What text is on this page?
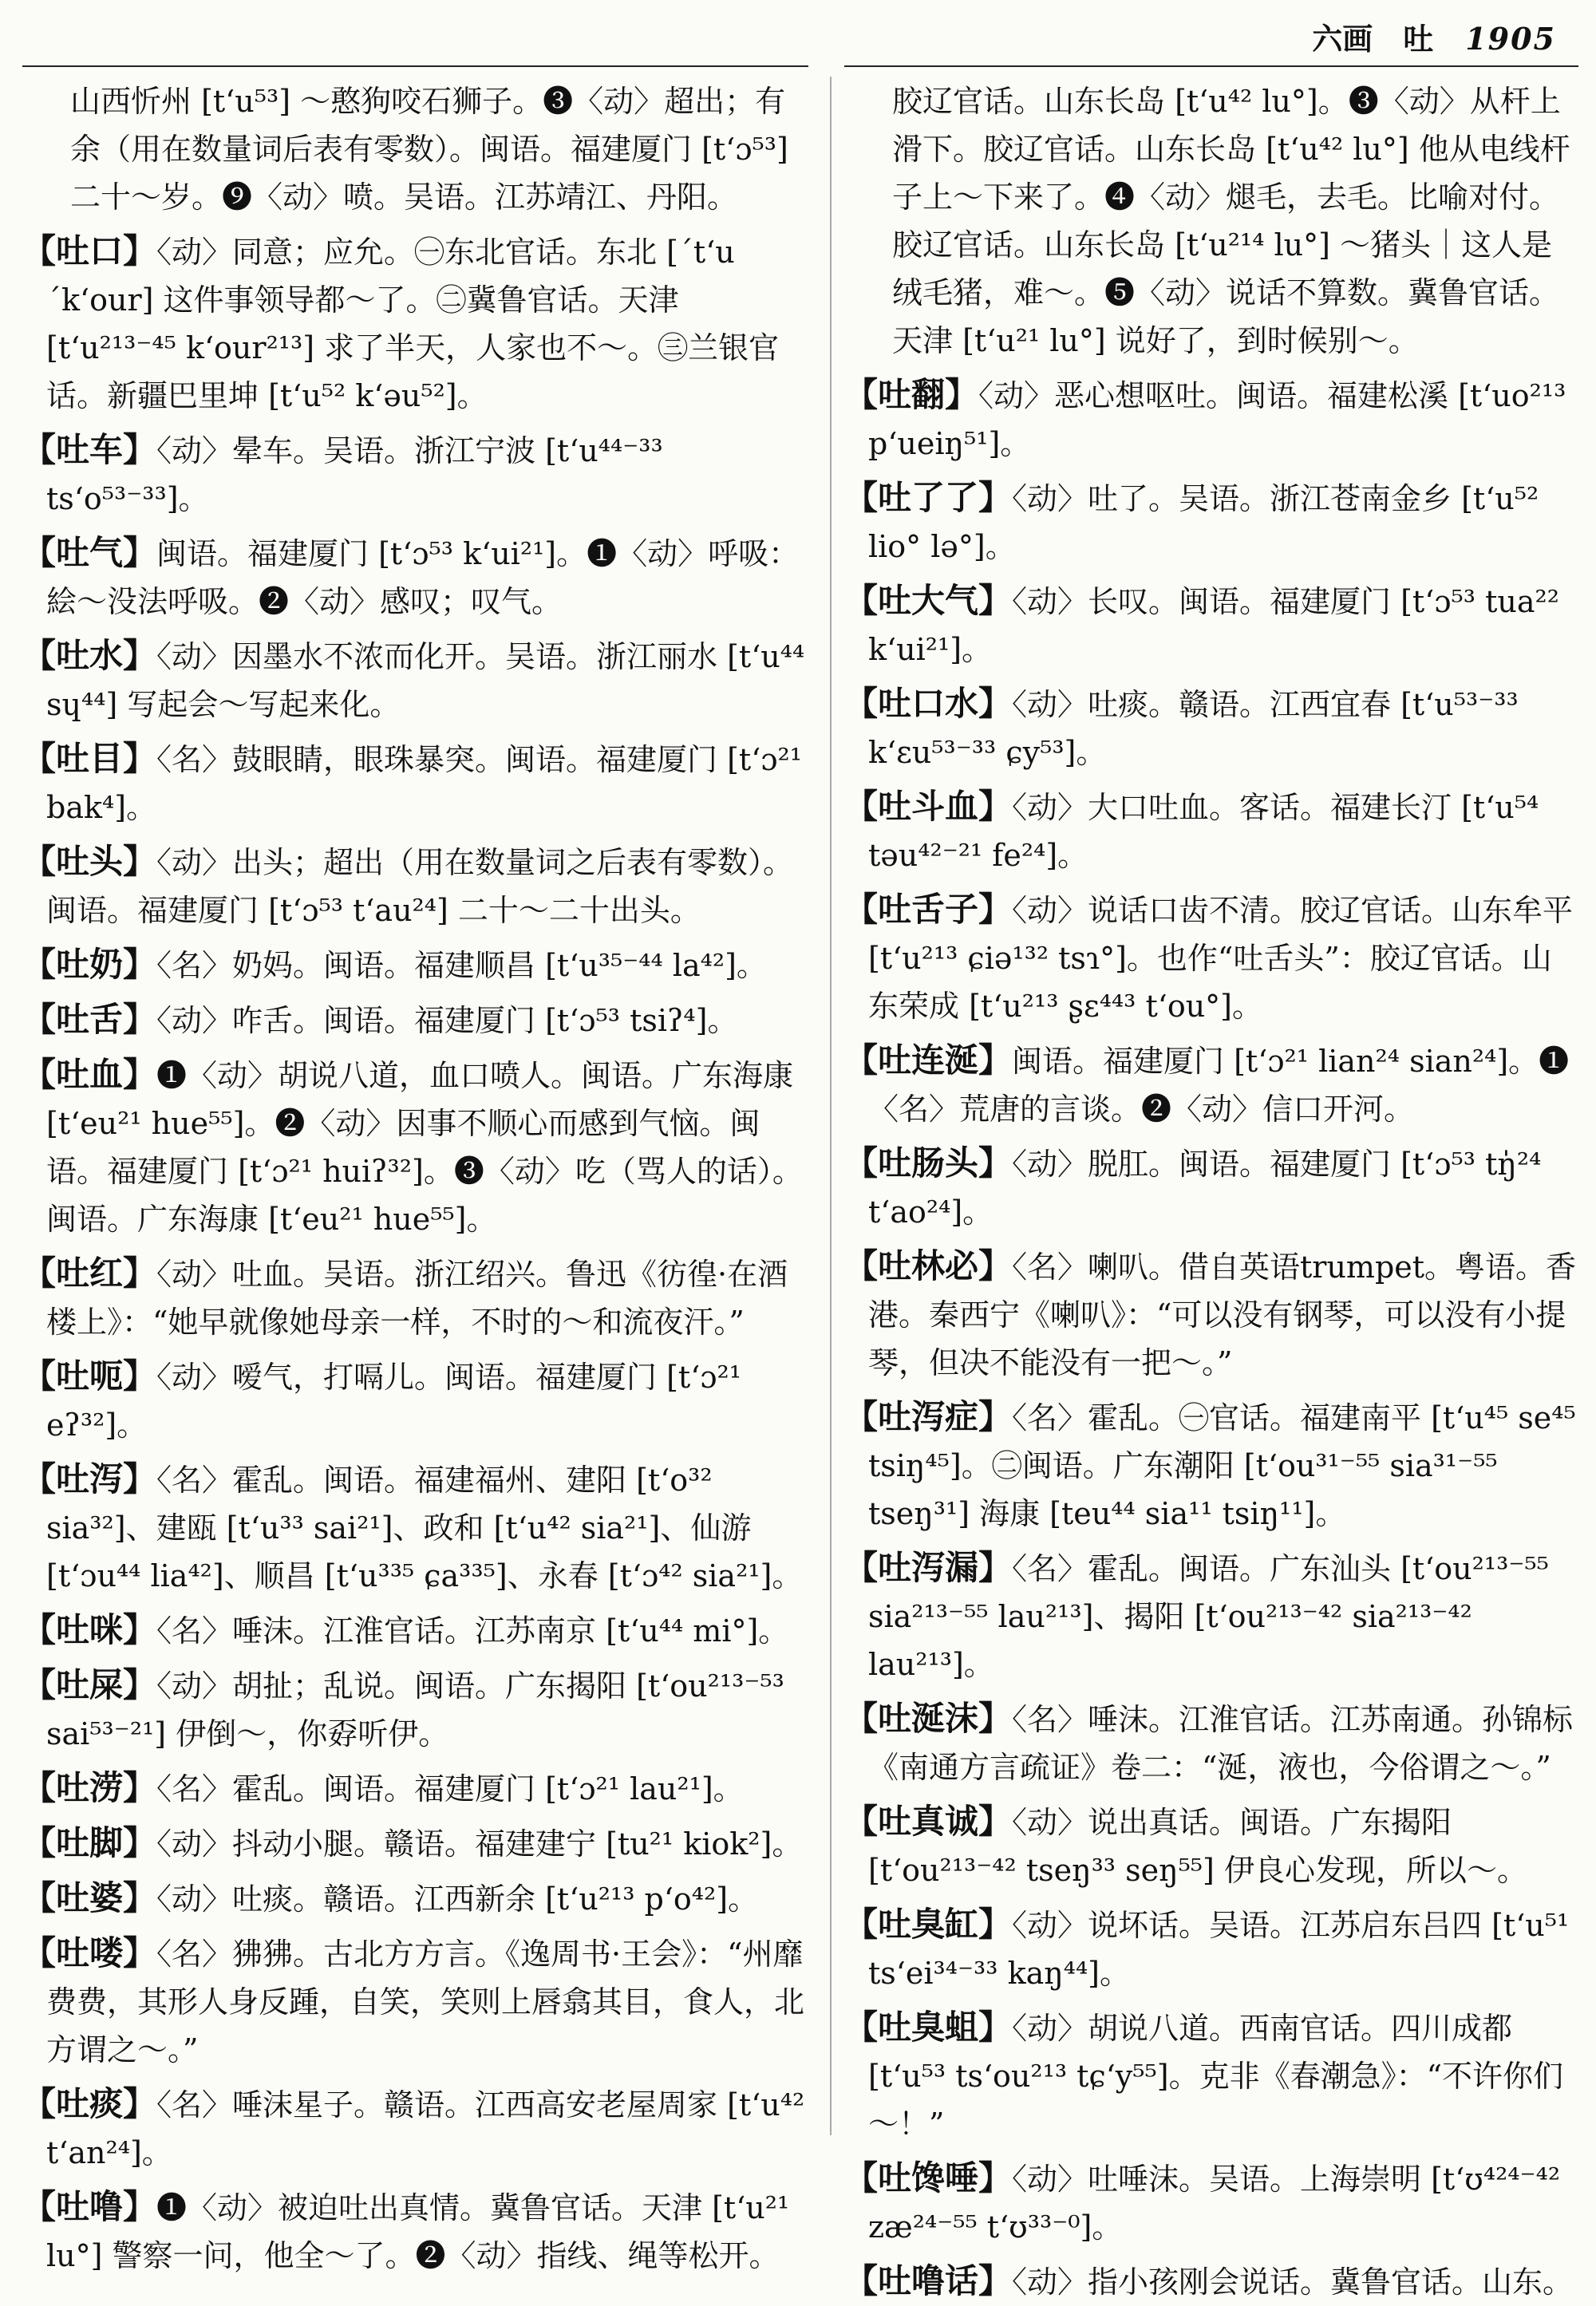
六画　吐 1905
山西忻州 [tʻu⁵³] ～憨狗咬石狮子。❸〈动〉超出；有余（用在数量词后表有零数）。闽语。福建厦门 [tʻɔ⁵³] 二十～岁。❾〈动〉喷。吴语。江苏靖江、丹阳。
【吐口】〈动〉同意；应允。㊀东北官话。东北 [ˊtʻu ˊkʻour] 这件事领导都～了。㊁冀鲁官话。天津 [tʻu²¹³⁻⁴⁵ kʻour²¹³] 求了半天，人家也不～。㊂兰银官话。新疆巴里坤 [tʻu⁵² kʻəu⁵²]。
【吐车】〈动〉晕车。吴语。浙江宁波 [tʻu⁴⁴⁻³³ tsʻo⁵³⁻³³]。
【吐气】闽语。福建厦门 [tʻɔ⁵³ kʻui²¹]。❶〈动〉呼吸：絵～没法呼吸。❷〈动〉感叹；叹气。
【吐水】〈动〉因墨水不浓而化开。吴语。浙江丽水 [tʻu⁴⁴ sɥ⁴⁴] 写起会～写起来化。
【吐目】〈名〉鼓眼睛，眼珠暴突。闽语。福建厦门 [tʻɔ²¹ bak⁴]。
【吐头】〈动〉出头；超出（用在数量词之后表有零数）。闽语。福建厦门 [tʻɔ⁵³ tʻau²⁴] 二十～二十出头。
【吐奶】〈名〉奶妈。闽语。福建顺昌 [tʻu³⁵⁻⁴⁴ la⁴²]。
【吐舌】〈动〉咋舌。闽语。福建厦门 [tʻɔ⁵³ tsiʔ⁴]。
【吐血】❶〈动〉胡说八道，血口喷人。闽语。广东海康 [tʻeu²¹ hue⁵⁵]。❷〈动〉因事不顺心而感到气恼。闽语。福建厦门 [tʻɔ²¹ huiʔ³²]。❸〈动〉吃（骂人的话）。闽语。广东海康 [tʻeu²¹ hue⁵⁵]。
【吐红】〈动〉吐血。吴语。浙江绍兴。鲁迅《彷徨·在酒楼上》：“她早就像她母亲一样，不时的～和流夜汗。”
【吐呃】〈动〉嗳气，打嗝儿。闽语。福建厦门 [tʻɔ²¹ eʔ³²]。
【吐泻】〈名〉霍乱。闽语。福建福州、建阳 [tʻo³² sia³²]、建瓯 [tʻu³³ sai²¹]、政和 [tʻu⁴² sia²¹]、仙游 [tʻɔu⁴⁴ lia⁴²]、顺昌 [tʻu³³⁵ ɕa³³⁵]、永春 [tʻɔ⁴² sia²¹]。
【吐咪】〈名〉唾沫。江淮官话。江苏南京 [tʻu⁴⁴ mi°]。
【吐屎】〈动〉胡扯；乱说。闽语。广东揭阳 [tʻou²¹³⁻⁵³ sai⁵³⁻²¹] 伊倒～，你孬听伊。
【吐涝】〈名〉霍乱。闽语。福建厦门 [tʻɔ²¹ lau²¹]。
【吐脚】〈动〉抖动小腿。赣语。福建建宁 [tu²¹ kiok²]。
【吐婆】〈动〉吐痰。赣语。江西新余 [tʻu²¹³ pʻo⁴²]。
【吐喽】〈名〉狒狒。古北方方言。《逸周书·王会》：“州靡费费，其形人身反踵，自笑，笑则上唇翕其目，食人，北方谓之～。”
【吐痰】〈名〉唾沫星子。赣语。江西高安老屋周家 [tʻu⁴² tʻan²⁴]。
【吐噜】❶〈动〉被迫吐出真情。冀鲁官话。天津 [tʻu²¹ lu°] 警察一问，他全～了。❷〈动〉指线、绳等松开。
胶辽官话。山东长岛 [tʻu⁴² lu°]。❸〈动〉从杆上滑下。胶辽官话。山东长岛 [tʻu⁴² lu°] 他从电线杆子上～下来了。❹〈动〉煺毛，去毛。比喻对付。胶辽官话。山东长岛 [tʻu²¹⁴ lu°] ～猪头｜这人是绒毛猪，难～。❺〈动〉说话不算数。冀鲁官话。天津 [tʻu²¹ lu°] 说好了，到时候别～。
【吐翻】〈动〉恶心想呕吐。闽语。福建松溪 [tʻuo²¹³ pʻueiŋ⁵¹]。
【吐了了】〈动〉吐了。吴语。浙江苍南金乡 [tʻu⁵² lio° lə°]。
【吐大气】〈动〉长叹。闽语。福建厦门 [tʻɔ⁵³ tua²² kʻui²¹]。
【吐口水】〈动〉吐痰。赣语。江西宜春 [tʻu⁵³⁻³³ kʻɛu⁵³⁻³³ ɕy⁵³]。
【吐斗血】〈动〉大口吐血。客话。福建长汀 [tʻu⁵⁴ təu⁴²⁻²¹ fe²⁴]。
【吐舌子】〈动〉说话口齿不清。胶辽官话。山东牟平 [tʻu²¹³ ɕiə¹³² tsɿ°]。也作“吐舌头”：胶辽官话。山东荣成 [tʻu²¹³ ʂɛ⁴⁴³ tʻou°]。
【吐连涎】闽语。福建厦门 [tʻɔ²¹ lian²⁴ sian²⁴]。❶〈名〉荒唐的言谈。❷〈动〉信口开河。
【吐肠头】〈动〉脱肛。闽语。福建厦门 [tʻɔ⁵³ tŋ̍²⁴ tʻao²⁴]。
【吐林必】〈名〉喇叭。借自英语trumpet。粤语。香港。秦西宁《喇叭》：“可以没有钢琴，可以没有小提琴，但决不能没有一把～。”
【吐泻症】〈名〉霍乱。㊀官话。福建南平 [tʻu⁴⁵ se⁴⁵ tsiŋ⁴⁵]。㊁闽语。广东潮阳 [tʻou³¹⁻⁵⁵ sia³¹⁻⁵⁵ tseŋ³¹] 海康 [teu⁴⁴ sia¹¹ tsiŋ¹¹]。
【吐泻漏】〈名〉霍乱。闽语。广东汕头 [tʻou²¹³⁻⁵⁵ sia²¹³⁻⁵⁵ lau²¹³]、揭阳 [tʻou²¹³⁻⁴² sia²¹³⁻⁴² lau²¹³]。
【吐涎沫】〈名〉唾沫。江淮官话。江苏南通。孙锦标《南通方言疏证》卷二：“涎，液也，今俗谓之～。”
【吐真诚】〈动〉说出真话。闽语。广东揭阳 [tʻou²¹³⁻⁴² tseŋ³³ seŋ⁵⁵] 伊良心发现，所以～。
【吐臭缸】〈动〉说坏话。吴语。江苏启东吕四 [tʻu⁵¹ tsʻei³⁴⁻³³ kaŋ⁴⁴]。
【吐臭蛆】〈动〉胡说八道。西南官话。四川成都 [tʻu⁵³ tsʻou²¹³ tɕʻy⁵⁵]。克非《春潮急》：“不许你们～！”
【吐馋唾】〈动〉吐唾沫。吴语。上海崇明 [tʻʊ⁴²⁴⁻⁴² zæ²⁴⁻⁵⁵ tʻʊ³³⁻⁰]。
【吐噜话】〈动〉指小孩刚会说话。冀鲁官话。山东。
